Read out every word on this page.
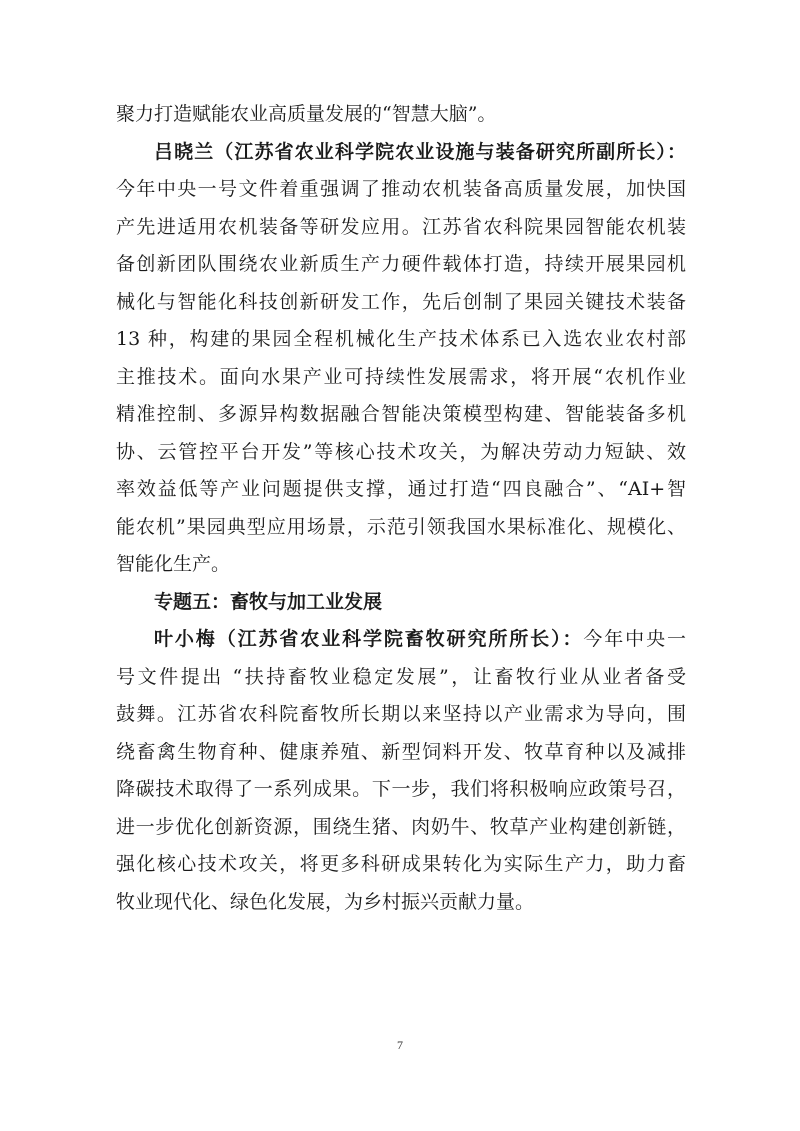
聚力打造赋能农业高质量发展的“智慧大脑”。
吕晓兰（江苏省农业科学院农业设施与装备研究所副所长）：
今年中央一号文件着重强调了推动农机装备高质量发展，加快国
产先进适用农机装备等研发应用。江苏省农科院果园智能农机装
备创新团队围绕农业新质生产力硬件载体打造，持续开展果园机
械化与智能化科技创新研发工作，先后创制了果园关键技术装备
13 种，构建的果园全程机械化生产技术体系已入选农业农村部
主推技术。面向水果产业可持续性发展需求，将开展“农机作业
精准控制、多源异构数据融合智能决策模型构建、智能装备多机
协、云管控平台开发”等核心技术攻关，为解决劳动力短缺、效
率效益低等产业问题提供支撑，通过打造“四良融合”、“AI+智
能农机”果园典型应用场景，示范引领我国水果标准化、规模化、
智能化生产。
专题五：畜牧与加工业发展
叶小梅（江苏省农业科学院畜牧研究所所长）：今年中央一
号文件提出 “扶持畜牧业稳定发展”，让畜牧行业从业者备受
鼓舞。江苏省农科院畜牧所长期以来坚持以产业需求为导向，围
绕畜禽生物育种、健康养殖、新型饲料开发、牧草育种以及减排
降碳技术取得了一系列成果。下一步，我们将积极响应政策号召，
进一步优化创新资源，围绕生猪、肉奶牛、牧草产业构建创新链，
强化核心技术攻关，将更多科研成果转化为实际生产力，助力畜
牧业现代化、绿色化发展，为乡村振兴贡献力量。
7
